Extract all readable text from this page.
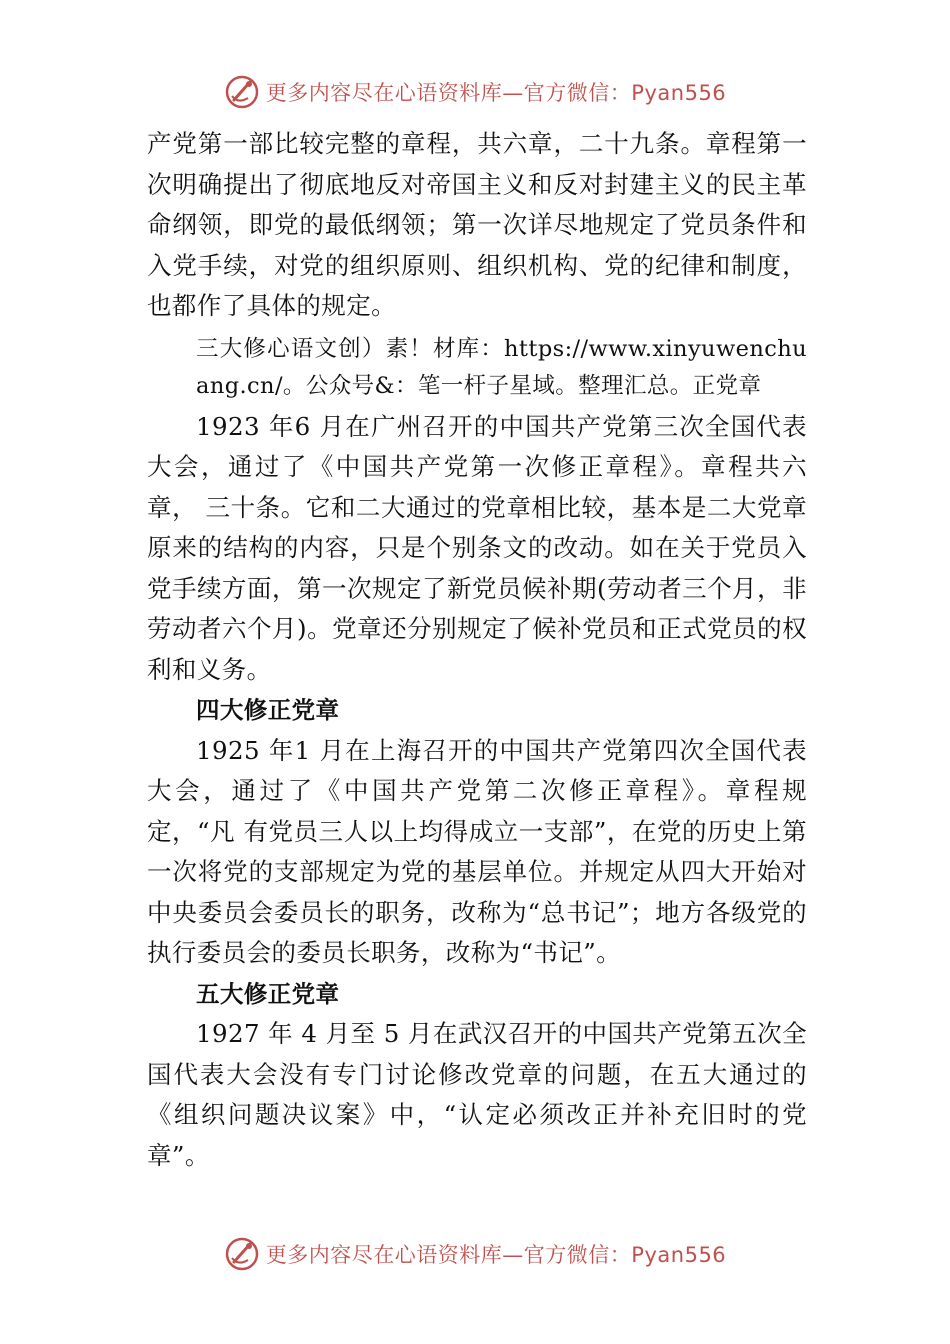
更多内容尽在心语资料库—官方微信：Pyan556

产党第一部比较完整的章程，共六章，二十九条。章程第一次明确提出了彻底地反对帝国主义和反对封建主义的民主革命纲领，即党的最低纲领；第一次详尽地规定了党员条件和入党手续，对党的组织原则、组织机构、党的纪律和制度，也都作了具体的规定。

三大修心语文创）素！材库：https://www.xinyuwenchuang.cn/。公众号&：笔一杆子星域。整理汇总。正党章

1923 年6 月在广州召开的中国共产党第三次全国代表大会，通过了《中国共产党第一次修正章程》。章程共六章， 三十条。它和二大通过的党章相比较，基本是二大党章原来的结构的内容，只是个别条文的改动。如在关于党员入党手续方面，第一次规定了新党员候补期(劳动者三个月，非劳动者六个月)。党章还分别规定了候补党员和正式党员的权利和义务。

四大修正党章

1925 年1 月在上海召开的中国共产党第四次全国代表大会，通过了《中国共产党第二次修正章程》。章程规定，“凡 有党员三人以上均得成立一支部”，在党的历史上第一次将党的支部规定为党的基层单位。并规定从四大开始对中央委员会委员长的职务，改称为“总书记”；地方各级党的执行委员会的委员长职务，改称为“书记”。

五大修正党章

1927 年 4 月至 5 月在武汉召开的中国共产党第五次全国代表大会没有专门讨论修改党章的问题，在五大通过的《组织问题决议案》中，“认定必须改正并补充旧时的党章”。

更多内容尽在心语资料库—官方微信：Pyan556
